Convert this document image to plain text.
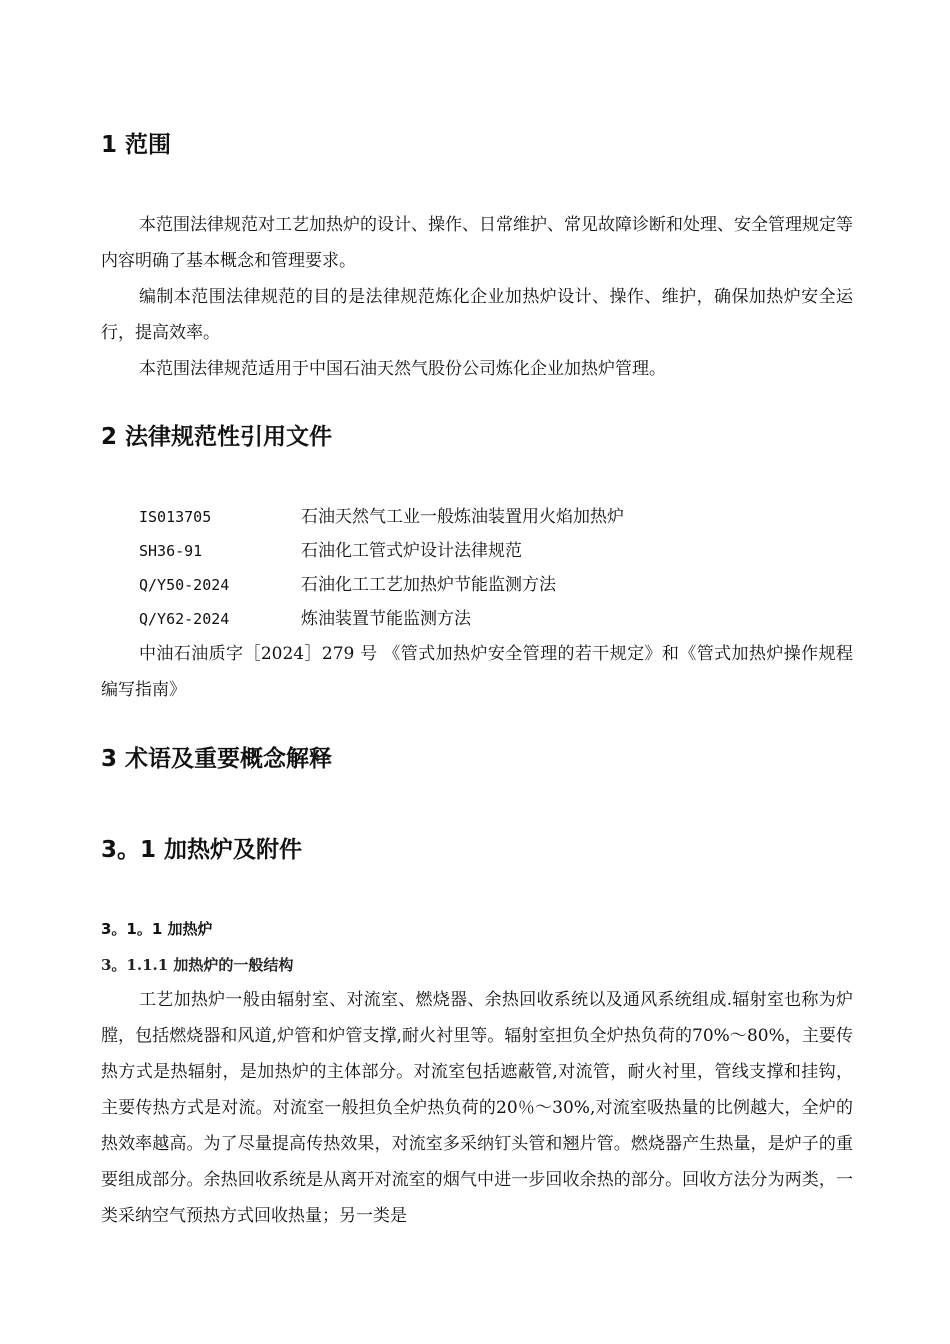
1 范围

本范围法律规范对工艺加热炉的设计、操作、日常维护、常见故障诊断和处理、安全管理规定等内容明确了基本概念和管理要求。

编制本范围法律规范的目的是法律规范炼化企业加热炉设计、操作、维护，确保加热炉安全运行，提高效率。

本范围法律规范适用于中国石油天然气股份公司炼化企业加热炉管理。

2 法律规范性引用文件
IS013705	石油天然气工业一般炼油装置用火焰加热炉
SH36-91	石油化工管式炉设计法律规范
Q/Y50-2024	石油化工工艺加热炉节能监测方法
Q/Y62-2024	炼油装置节能监测方法

中油石油质字［2024］279 号 《管式加热炉安全管理的若干规定》和《管式加热炉操作规程编写指南》

3 术语及重要概念解释
3。1 加热炉及附件
3。1。1 加热炉
3。1.1.1 加热炉的一般结构

工艺加热炉一般由辐射室、对流室、燃烧器、余热回收系统以及通风系统组成.辐射室也称为炉膛，包括燃烧器和风道,炉管和炉管支撑,耐火衬里等。辐射室担负全炉热负荷的70%～80%，主要传热方式是热辐射，是加热炉的主体部分。对流室包括遮蔽管,对流管，耐火衬里，管线支撑和挂钩，主要传热方式是对流。对流室一般担负全炉热负荷的20％～30%,对流室吸热量的比例越大，全炉的热效率越高。为了尽量提高传热效果，对流室多采纳钉头管和翘片管。燃烧器产生热量，是炉子的重要组成部分。余热回收系统是从离开对流室的烟气中进一步回收余热的部分。回收方法分为两类，一类采纳空气预热方式回收热量；另一类是
